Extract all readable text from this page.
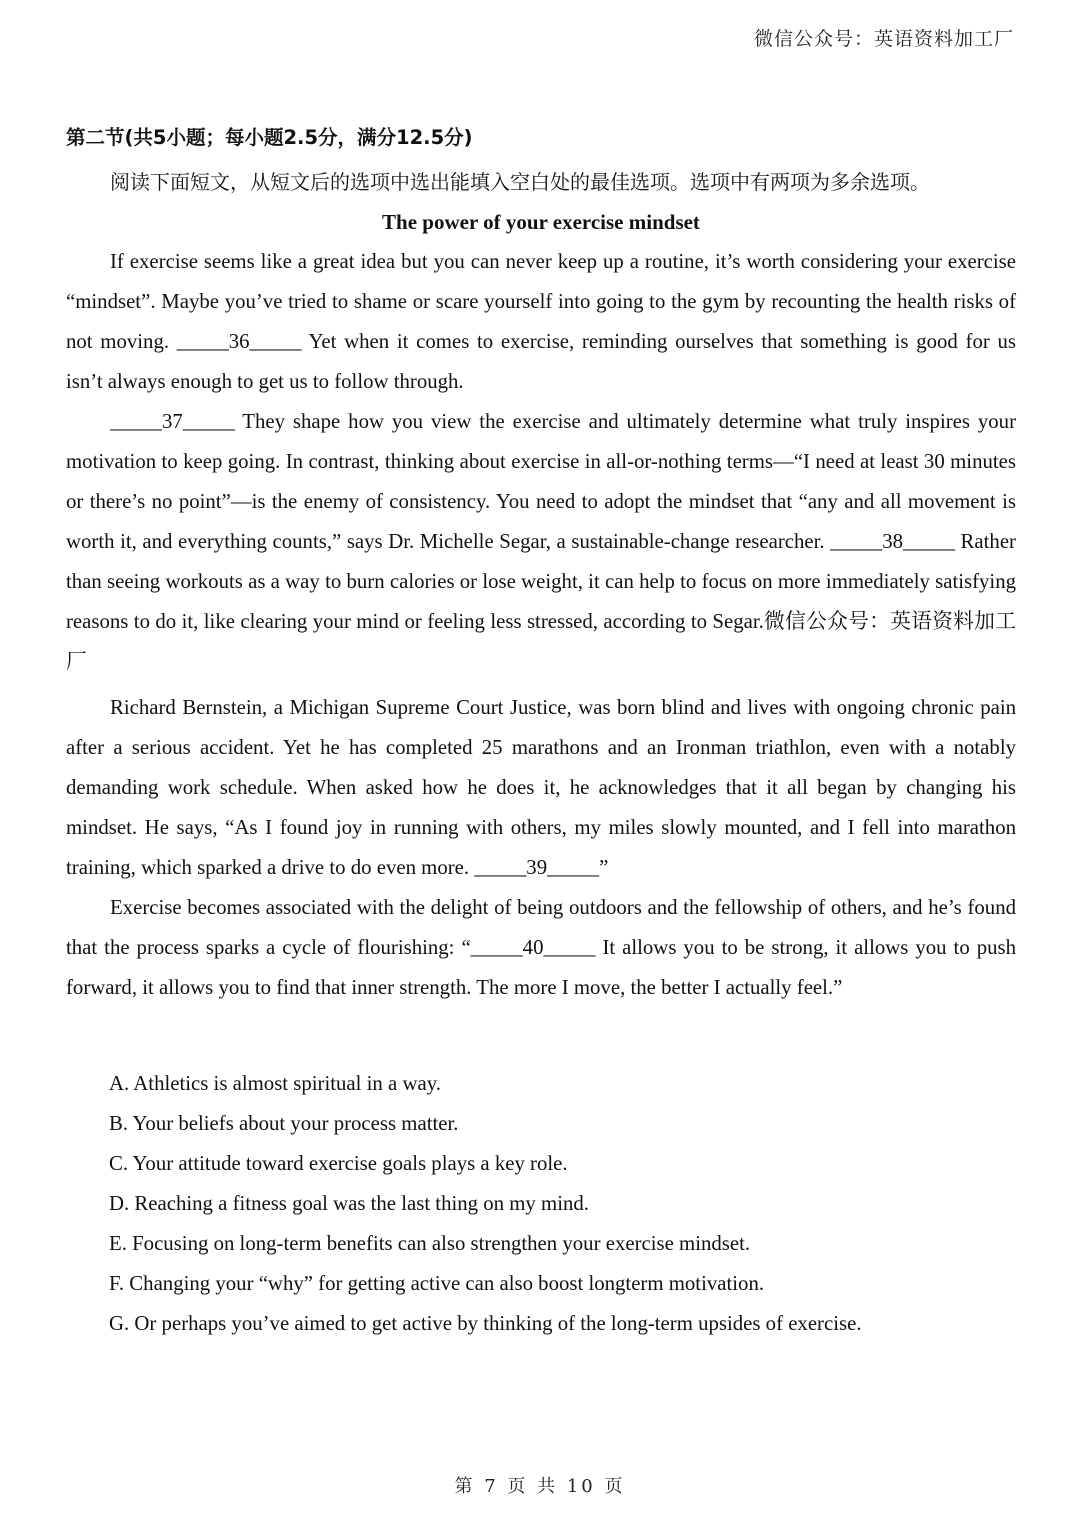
微信公众号：英语资料加工厂

第二节(共5小题；每小题2.5分，满分12.5分)

阅读下面短文，从短文后的选项中选出能填入空白处的最佳选项。选项中有两项为多余选项。

The power of your exercise mindset

If exercise seems like a great idea but you can never keep up a routine, it’s worth considering your exercise “mindset”. Maybe you’ve tried to shame or scare yourself into going to the gym by recounting the health risks of not moving. _____36_____ Yet when it comes to exercise, reminding ourselves that something is good for us isn’t always enough to get us to follow through.

_____37_____ They shape how you view the exercise and ultimately determine what truly inspires your motivation to keep going. In contrast, thinking about exercise in all-or-nothing terms—“I need at least 30 minutes or there’s no point”—is the enemy of consistency. You need to adopt the mindset that “any and all movement is worth it, and everything counts,” says Dr. Michelle Segar, a sustainable-change researcher. _____38_____ Rather than seeing workouts as a way to burn calories or lose weight, it can help to focus on more immediately satisfying reasons to do it, like clearing your mind or feeling less stressed, according to Segar.微信公众号：英语资料加工厂

Richard Bernstein, a Michigan Supreme Court Justice, was born blind and lives with ongoing chronic pain after a serious accident. Yet he has completed 25 marathons and an Ironman triathlon, even with a notably demanding work schedule. When asked how he does it, he acknowledges that it all began by changing his mindset. He says, “As I found joy in running with others, my miles slowly mounted, and I fell into marathon training, which sparked a drive to do even more. _____39_____”

Exercise becomes associated with the delight of being outdoors and the fellowship of others, and he’s found that the process sparks a cycle of flourishing: “_____40_____ It allows you to be strong, it allows you to push forward, it allows you to find that inner strength. The more I move, the better I actually feel.”

A. Athletics is almost spiritual in a way.

B. Your beliefs about your process matter.

C. Your attitude toward exercise goals plays a key role.

D. Reaching a fitness goal was the last thing on my mind.

E. Focusing on long-term benefits can also strengthen your exercise mindset.

F. Changing your “why” for getting active can also boost longterm motivation.

G. Or perhaps you’ve aimed to get active by thinking of the long-term upsides of exercise.

第 7 页 共 10 页
